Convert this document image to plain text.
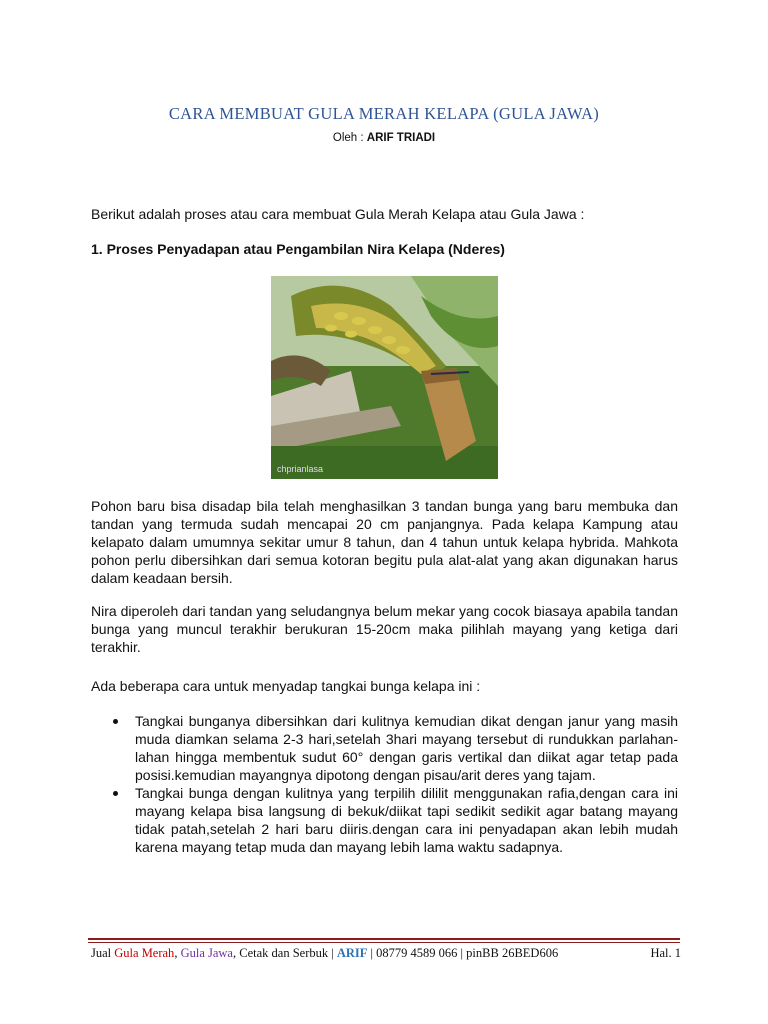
CARA MEMBUAT GULA MERAH KELAPA (GULA JAWA)
Oleh : ARIF TRIADI
Berikut adalah proses atau cara membuat Gula Merah Kelapa atau Gula Jawa :
1. Proses Penyadapan atau Pengambilan Nira Kelapa (Nderes)
chprianlasa
Pohon baru bisa disadap bila telah menghasilkan 3 tandan bunga yang baru membuka dan tandan yang termuda sudah mencapai 20 cm panjangnya. Pada kelapa Kampung atau kelapato dalam umumnya sekitar umur 8 tahun, dan 4 tahun untuk kelapa hybrida. Mahkota pohon perlu dibersihkan dari semua kotoran begitu pula alat-alat yang akan digunakan harus dalam keadaan bersih.
Nira diperoleh dari tandan yang seludangnya belum mekar yang cocok biasaya apabila tandan bunga yang muncul terakhir berukuran 15-20cm maka pilihlah mayang yang ketiga dari terakhir.
Ada beberapa cara untuk menyadap tangkai bunga kelapa ini :
Tangkai bunganya dibersihkan dari kulitnya kemudian dikat dengan janur yang masih muda diamkan selama 2-3 hari,setelah 3hari mayang tersebut di rundukkan parlahan-lahan hingga membentuk sudut 60° dengan garis vertikal dan diikat agar tetap pada posisi.kemudian mayangnya dipotong dengan pisau/arit deres yang tajam.
Tangkai bunga dengan kulitnya yang terpilih dililit menggunakan rafia,dengan cara ini mayang kelapa bisa langsung di bekuk/diikat tapi sedikit sedikit agar batang mayang tidak patah,setelah 2 hari baru diiris.dengan cara ini penyadapan akan lebih mudah karena mayang tetap muda dan mayang lebih lama waktu sadapnya.
Jual Gula Merah, Gula Jawa, Cetak dan Serbuk | ARIF | 08779 4589 066 | pinBB 26BED606	Hal. 1
